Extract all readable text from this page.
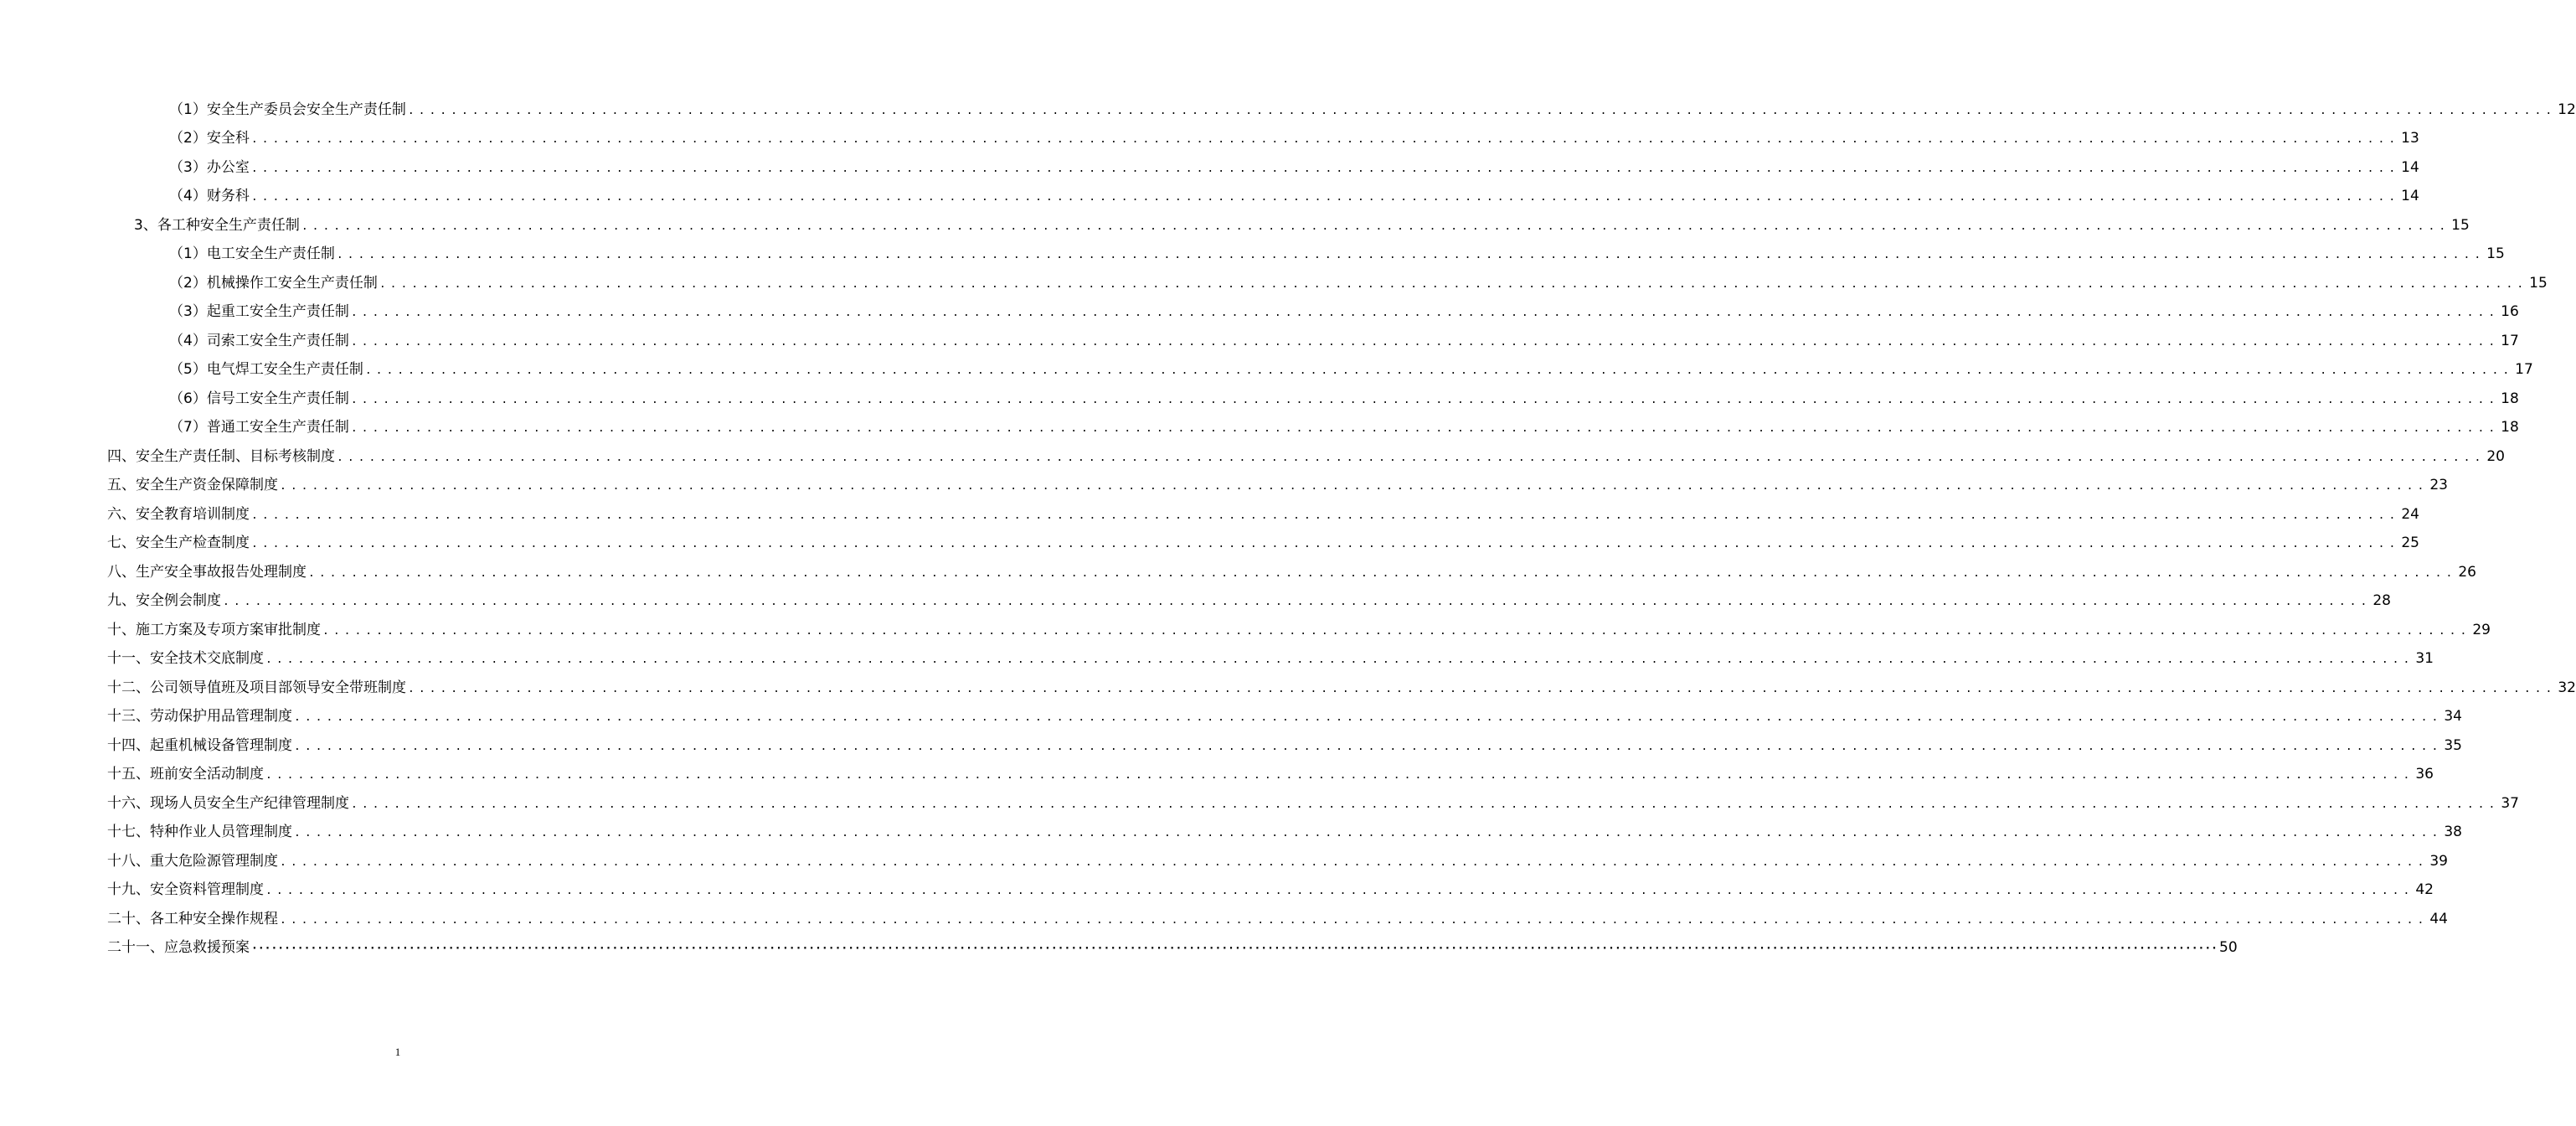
（1）安全生产委员会安全生产责任制 ........................................................................................................................................................................................................ 12
（2）安全科 ........................................................................................................................................................................................................ 13
（3）办公室 ........................................................................................................................................................................................................ 14
（4）财务科 ........................................................................................................................................................................................................ 14
3、各工种安全生产责任制 ........................................................................................................................................................................................................ 15
（1）电工安全生产责任制 ........................................................................................................................................................................................................ 15
（2）机械操作工安全生产责任制 ........................................................................................................................................................................................................ 15
（3）起重工安全生产责任制 ........................................................................................................................................................................................................ 16
（4）司索工安全生产责任制 ........................................................................................................................................................................................................ 17
（5）电气焊工安全生产责任制 ........................................................................................................................................................................................................ 17
（6）信号工安全生产责任制 ........................................................................................................................................................................................................ 18
（7）普通工安全生产责任制 ........................................................................................................................................................................................................ 18
四、安全生产责任制、目标考核制度 ........................................................................................................................................................................................................ 20
五、安全生产资金保障制度 ........................................................................................................................................................................................................ 23
六、安全教育培训制度 ........................................................................................................................................................................................................ 24
七、安全生产检查制度 ........................................................................................................................................................................................................ 25
八、生产安全事故报告处理制度 ........................................................................................................................................................................................................ 26
九、安全例会制度 ........................................................................................................................................................................................................ 28
十、施工方案及专项方案审批制度 ........................................................................................................................................................................................................ 29
十一、安全技术交底制度 ........................................................................................................................................................................................................ 31
十二、公司领导值班及项目部领导安全带班制度 ........................................................................................................................................................................................................ 32
十三、劳动保护用品管理制度 ........................................................................................................................................................................................................ 34
十四、起重机械设备管理制度 ........................................................................................................................................................................................................ 35
十五、班前安全活动制度 ........................................................................................................................................................................................................ 36
十六、现场人员安全生产纪律管理制度 ........................................................................................................................................................................................................ 37
十七、特种作业人员管理制度 ........................................................................................................................................................................................................ 38
十八、重大危险源管理制度 ........................................................................................................................................................................................................ 39
十九、安全资料管理制度 ........................................................................................................................................................................................................ 42
二十、各工种安全操作规程 ........................................................................................................................................................................................................ 44
二十一、应急救援预案 ············································································································································································································································································································ 50
1
